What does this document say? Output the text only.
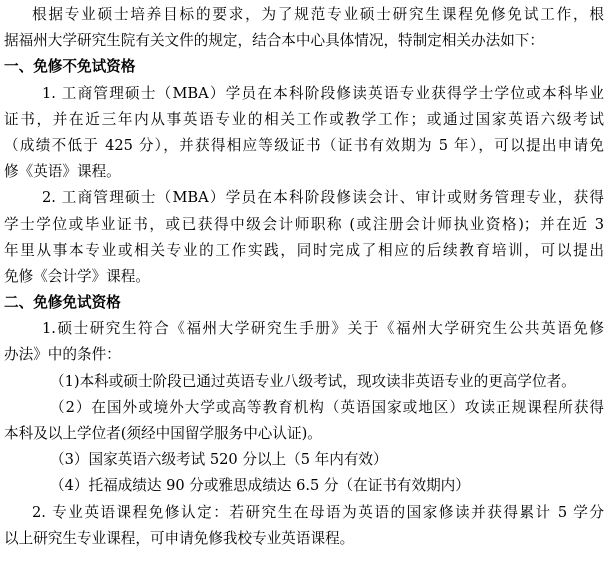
根据专业硕士培养目标的要求，为了规范专业硕士研究生课程免修免试工作，根
据福州大学研究生院有关文件的规定，结合本中心具体情况，特制定相关办法如下：
一、免修不免试资格
1. 工商管理硕士（MBA）学员在本科阶段修读英语专业获得学士学位或本科毕业
证书，并在近三年内从事英语专业的相关工作或教学工作；或通过国家英语六级考试
（成绩不低于 425 分），并获得相应等级证书（证书有效期为 5 年），可以提出申请免
修《英语》课程。
2. 工商管理硕士（MBA）学员在本科阶段修读会计、审计或财务管理专业，获得
学士学位或毕业证书，或已获得中级会计师职称 (或注册会计师执业资格)；并在近 3
年里从事本专业或相关专业的工作实践，同时完成了相应的后续教育培训，可以提出
免修《会计学》课程。
二、免修免试资格
1.硕士研究生符合《福州大学研究生手册》关于《福州大学研究生公共英语免修
办法》中的条件：
（1)本科或硕士阶段已通过英语专业八级考试，现攻读非英语专业的更高学位者。
（2）在国外或境外大学或高等教育机构（英语国家或地区）攻读正规课程所获得
本科及以上学位者(须经中国留学服务中心认证)。
（3）国家英语六级考试 520 分以上（5 年内有效）
（4）托福成绩达 90 分或雅思成绩达 6.5 分（在证书有效期内）
2. 专业英语课程免修认定：若研究生在母语为英语的国家修读并获得累计 5 学分
以上研究生专业课程，可申请免修我校专业英语课程。
